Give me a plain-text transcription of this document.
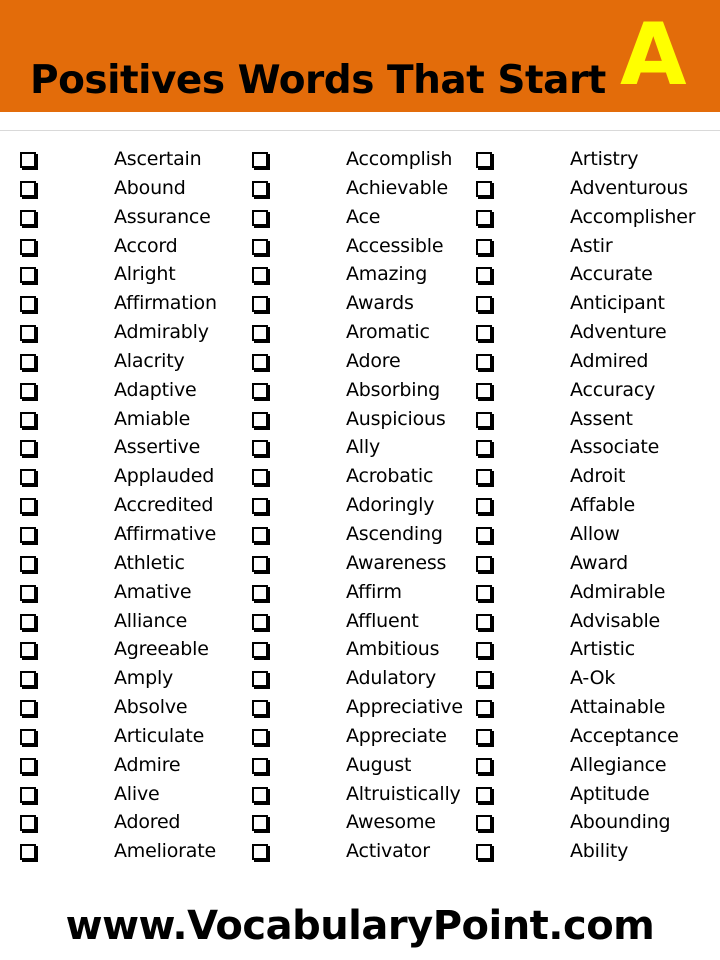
Positives Words That Start A
Ascertain
Abound
Assurance
Accord
Alright
Affirmation
Admirably
Alacrity
Adaptive
Amiable
Assertive
Applauded
Accredited
Affirmative
Athletic
Amative
Alliance
Agreeable
Amply
Absolve
Articulate
Admire
Alive
Adored
Ameliorate
Accomplish
Achievable
Ace
Accessible
Amazing
Awards
Aromatic
Adore
Absorbing
Auspicious
Ally
Acrobatic
Adoringly
Ascending
Awareness
Affirm
Affluent
Ambitious
Adulatory
Appreciative
Appreciate
August
Altruistically
Awesome
Activator
Artistry
Adventurous
Accomplisher
Astir
Accurate
Anticipant
Adventure
Admired
Accuracy
Assent
Associate
Adroit
Affable
Allow
Award
Admirable
Advisable
Artistic
A-Ok
Attainable
Acceptance
Allegiance
Aptitude
Abounding
Ability
www.VocabularyPoint.com
